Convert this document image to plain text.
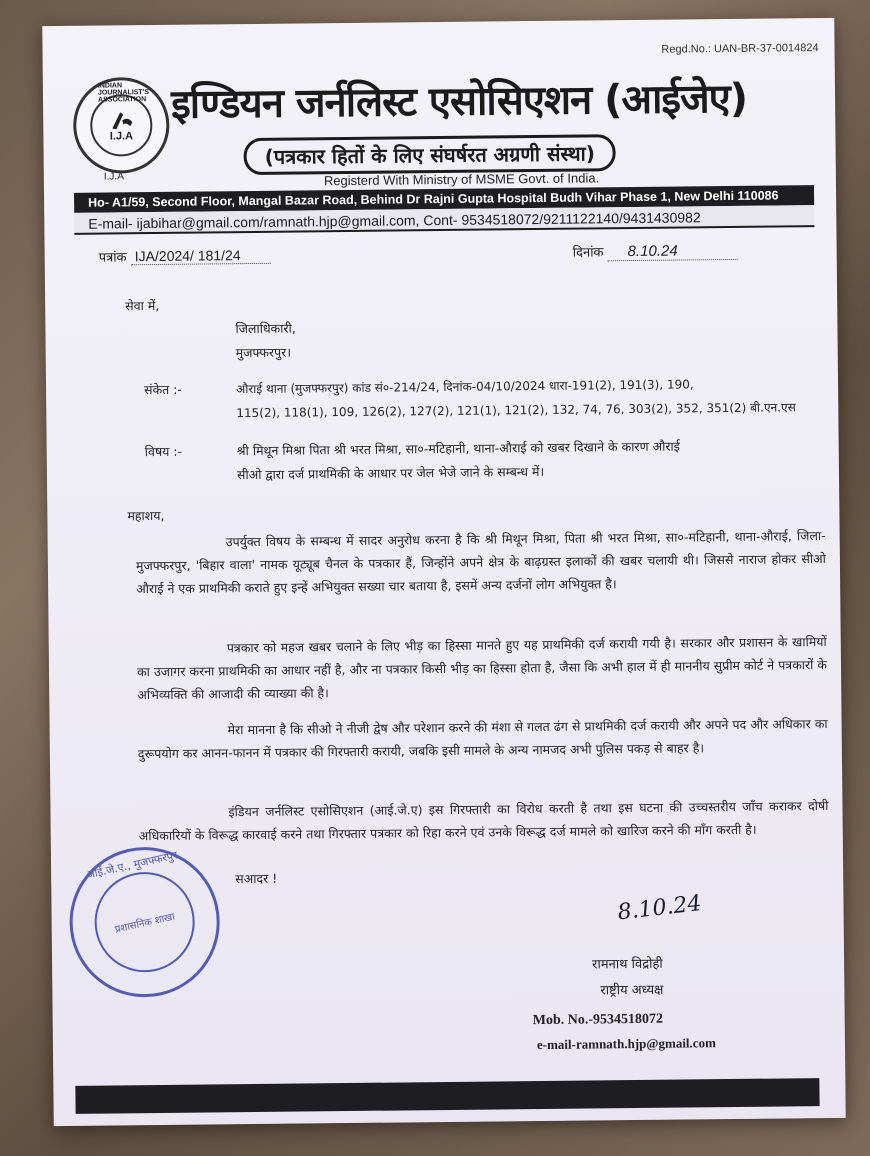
Regd.No.: UAN-BR-37-0014824
INDIAN JOURNALIST'S ASSOCIATION
I.J.A
I.J.A
इण्डियन जर्नलिस्ट एसोसिएशन (आईजेए)
(पत्रकार हितों के लिए संघर्षरत अग्रणी संस्था)
Registerd With Ministry of MSME Govt. of India.
Ho- A1/59, Second Floor, Mangal Bazar Road, Behind Dr Rajni Gupta Hospital Budh Vihar Phase 1, New Delhi 110086
E-mail- ijabihar@gmail.com/ramnath.hjp@gmail.com, Cont- 9534518072/9211122140/9431430982
पत्रांक IJA/2024/ 181/24	दिनांक 8.10.24
सेवा में,
जिलाधिकारी,
मुजफ्फरपुर।
संकेत :-	औराई थाना (मुजफ्फरपुर) कांड सं०-214/24, दिनांक-04/10/2024 धारा-191(2), 191(3), 190,
115(2), 118(1), 109, 126(2), 127(2), 121(1), 121(2), 132, 74, 76, 303(2), 352, 351(2) बी.एन.एस
विषय :-	श्री मिथून मिश्रा पिता श्री भरत मिश्रा, सा०-मटिहानी, थाना-औराई को खबर दिखाने के कारण औराई
सीओ द्वारा दर्ज प्राथमिकी के आधार पर जेल भेजे जाने के सम्बन्ध में।
महाशय,
उपर्युक्त विषय के सम्बन्ध में सादर अनुरोध करना है कि श्री मिथून मिश्रा, पिता श्री भरत मिश्रा, सा०-मटिहानी, थाना-औराई, जिला-मुजफ्फरपुर, 'बिहार वाला' नामक यूट्यूब चैनल के पत्रकार हैं, जिन्होंने अपने क्षेत्र के बाढ़ग्रस्त इलाकों की खबर चलायी थी। जिससे नाराज होकर सीओ औराई ने एक प्राथमिकी कराते हुए इन्हें अभियुक्त सख्या चार बताया है, इसमें अन्य दर्जनों लोग अभियुक्त है।
पत्रकार को महज खबर चलाने के लिए भीड़ का हिस्सा मानते हुए यह प्राथमिकी दर्ज करायी गयी है। सरकार और प्रशासन के खामियों का उजागर करना प्राथमिकी का आधार नहीं है, और ना पत्रकार किसी भीड़ का हिस्सा होता है, जैसा कि अभी हाल में ही माननीय सुप्रीम कोर्ट ने पत्रकारों के अभिव्यक्ति की आजादी की व्याख्या की है।
मेरा मानना है कि सीओ ने नीजी द्वेष और परेशान करने की मंशा से गलत ढंग से प्राथमिकी दर्ज करायी और अपने पद और अधिकार का दुरूपयोग कर आनन-फानन में पत्रकार की गिरफ्तारी करायी, जबकि इसी मामले के अन्य नामजद अभी पुलिस पकड़ से बाहर है।
इंडियन जर्नलिस्ट एसोसिएशन (आई.जे.ए) इस गिरफ्तारी का विरोध करती है तथा इस घटना की उच्चस्तरीय जाँच कराकर दोषी अधिकारियों के विरूद्ध कारवाई करने तथा गिरफ्तार पत्रकार को रिहा करने एवं उनके विरूद्ध दर्ज मामले को खारिज करने की माँग करती है।
सआदर !
आई.जे.ए., मुजफ्फरपुर
प्रशासनिक शाखा	8.10.24
रामनाथ विद्रोही
राष्ट्रीय अध्यक्ष
Mob. No.-9534518072
e-mail-ramnath.hjp@gmail.com
